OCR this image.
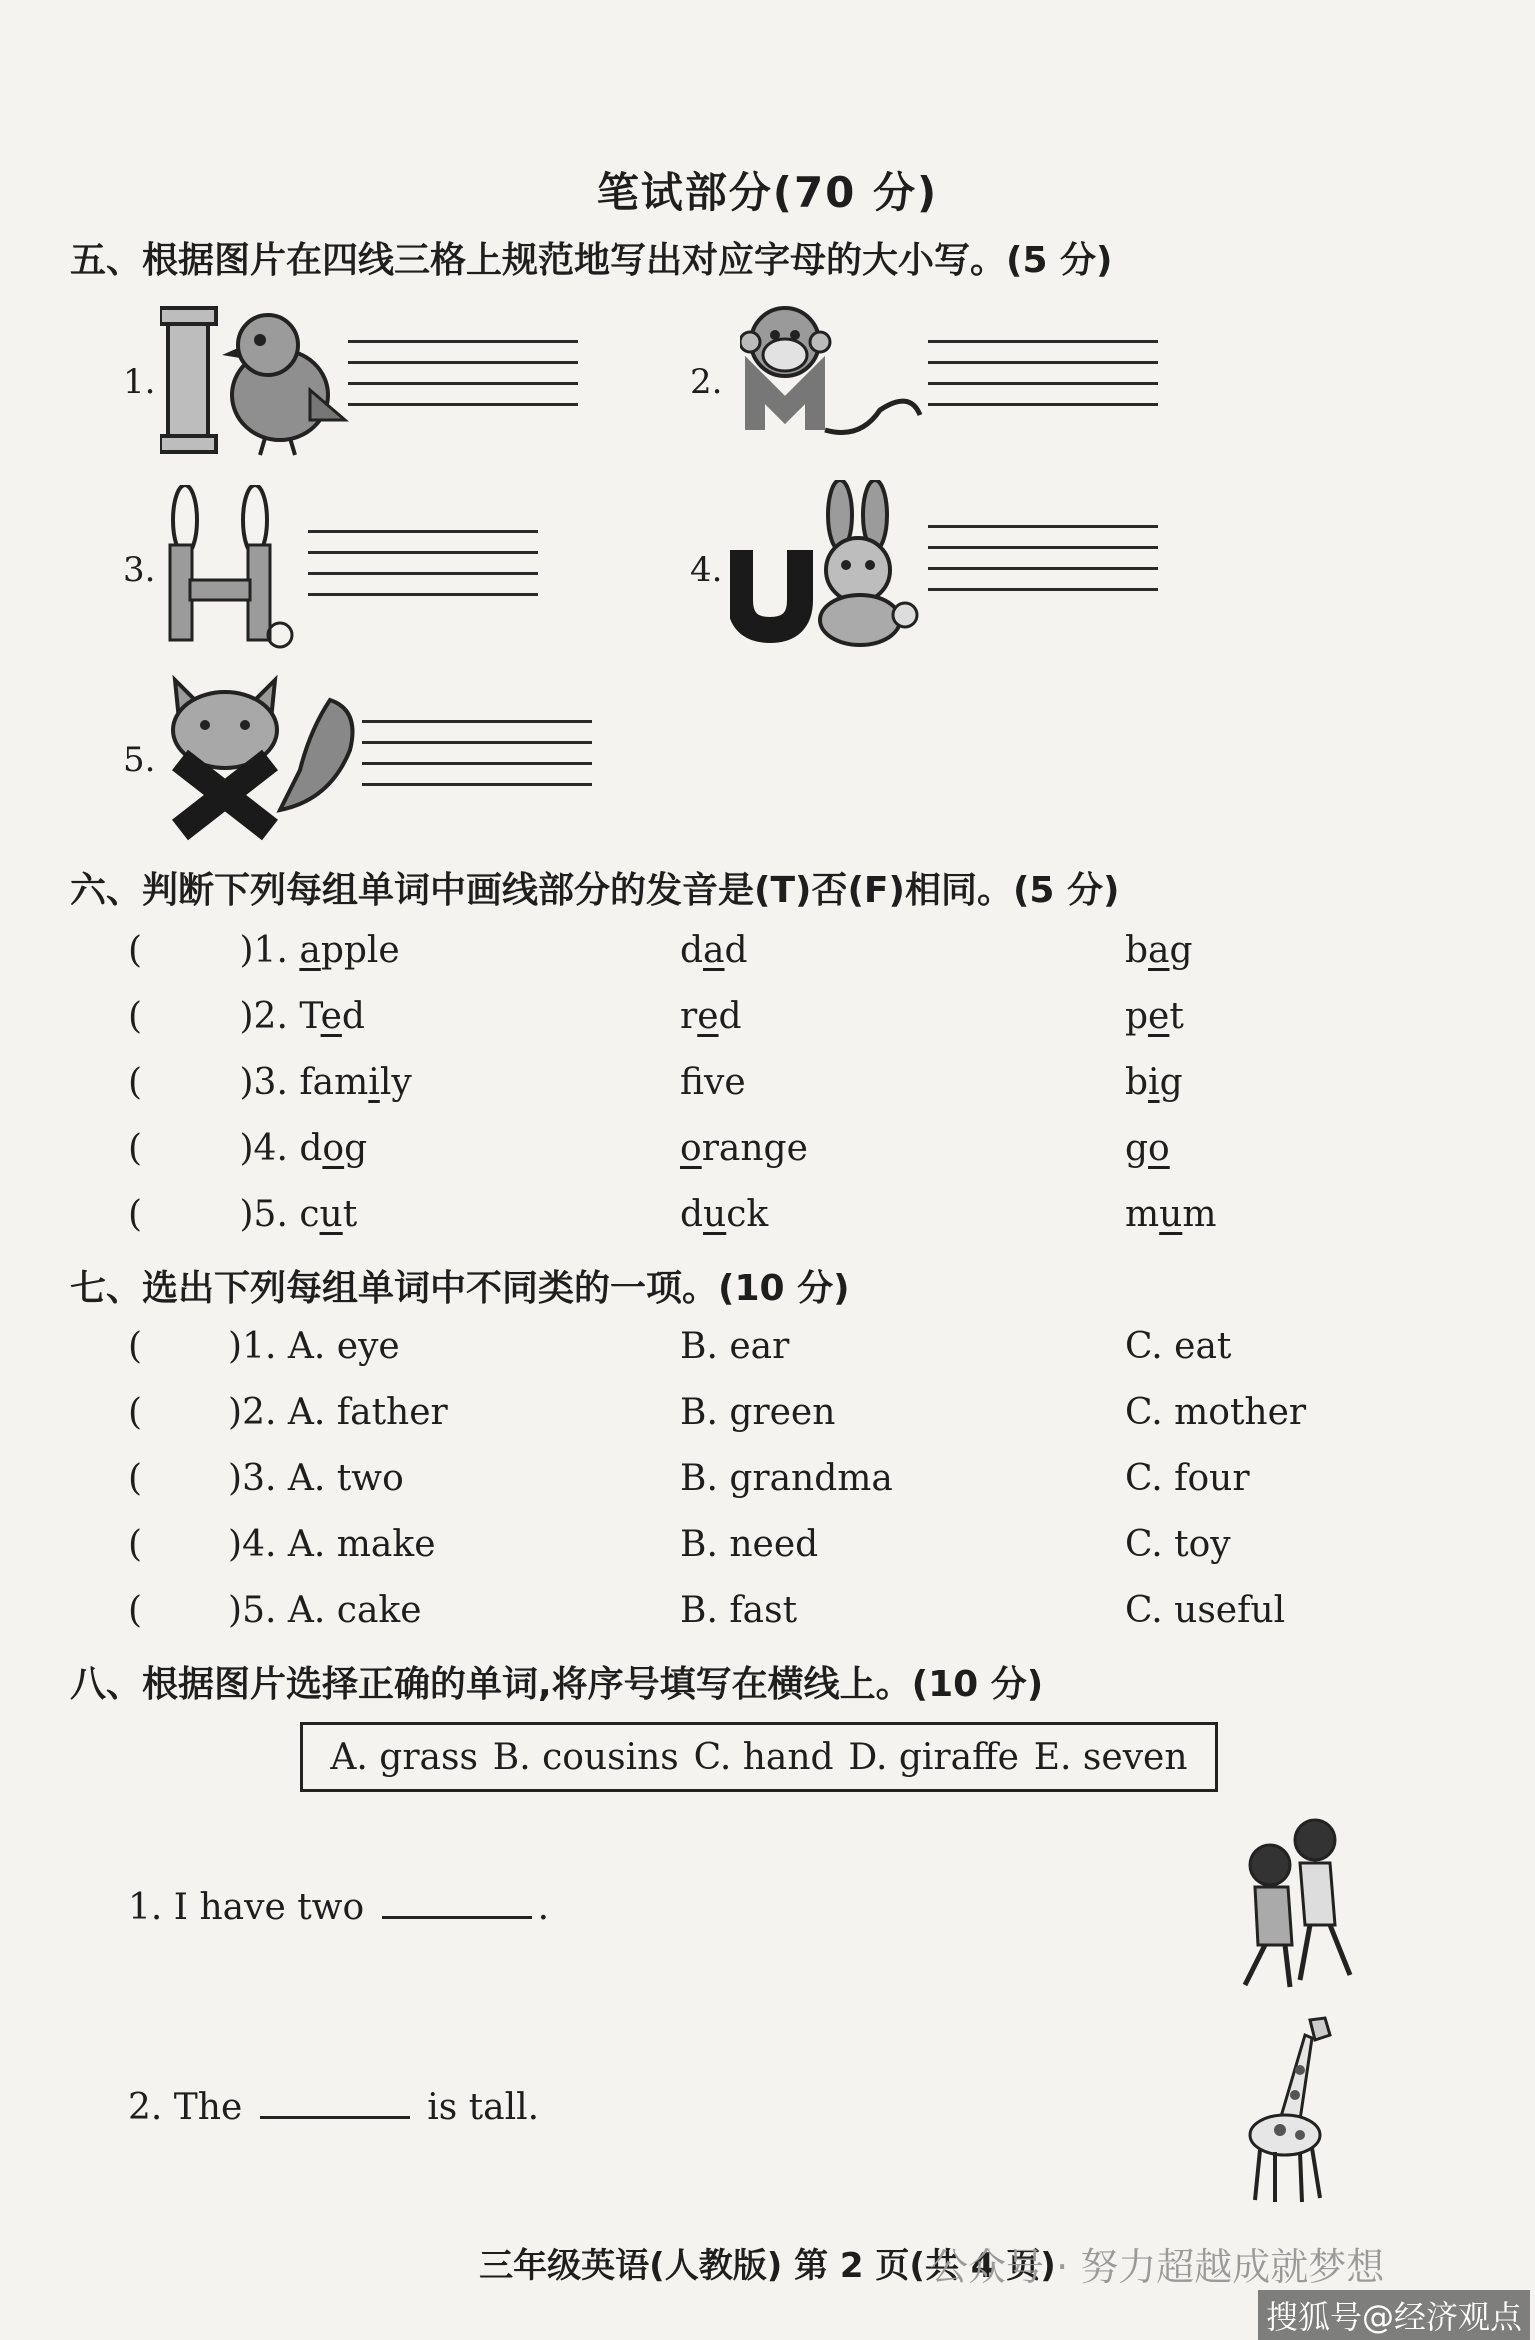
笔试部分(70 分)
五、根据图片在四线三格上规范地写出对应字母的大小写。(5 分)
1.	2.
3.	4.
5.
六、判断下列每组单词中画线部分的发音是(T)否(F)相同。(5 分)
(	)1. apple	dad	bag
(	)2. Ted	red	pet
(	)3. family	fve	big
(	)4. dog	orange	go
(	)5. cut	duck	mum
七、选出下列每组单词中不同类的一项。(10 分)
( )1. A. eye	B. ear	C. eat
( )2. A. father	B. green	C. mother
( )3. A. two	B. grandma	C. four
( )4. A. make	B. need	C. toy
( )5. A. cake	B. fast	C. useful
八、根据图片选择正确的单词,将序号填写在横线上。(10 分)
A. grass B. cousins C. hand D. giraffe E. seven
1. I have two	.
2. The	is tall.
三年级英语(人教版) 第 2 页(共 4 页)
公众号 · 努力超越成就梦想
搜狐号@经济观点
